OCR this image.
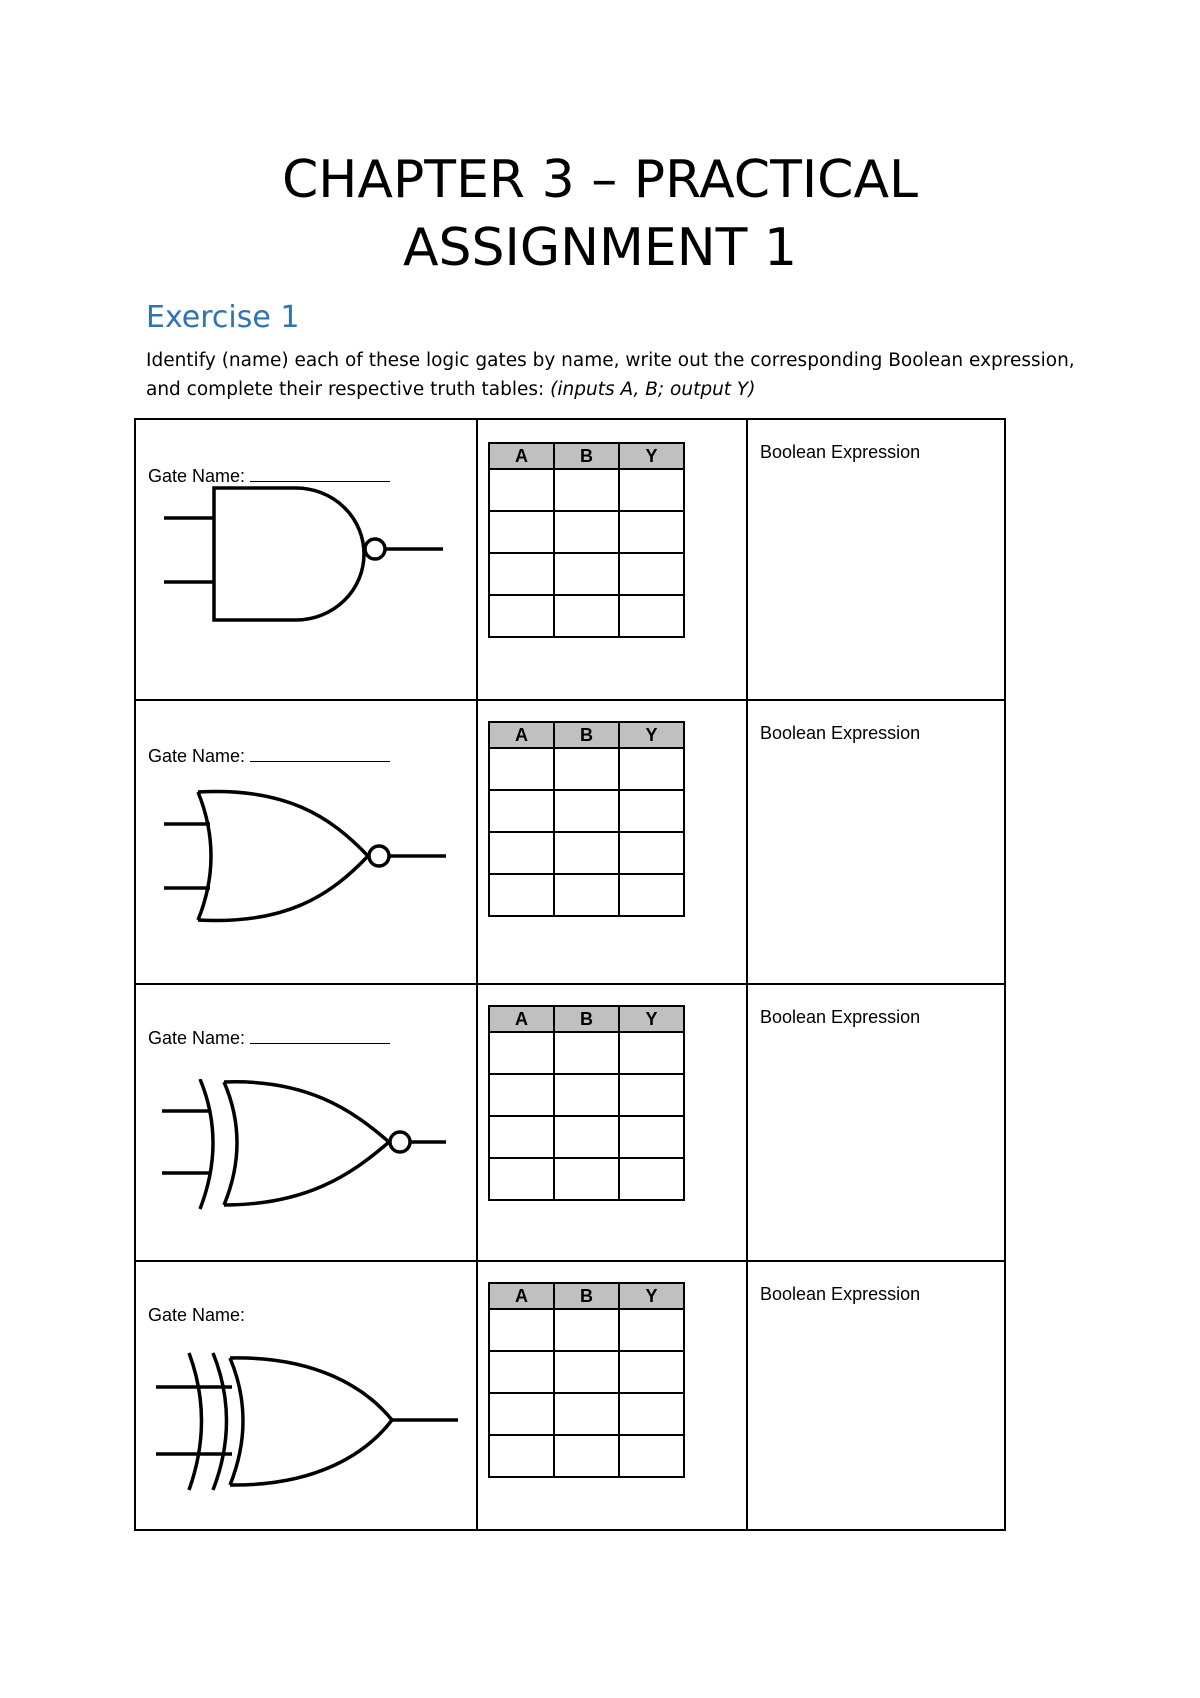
CHAPTER 3 – PRACTICAL
ASSIGNMENT 1
Exercise 1
Identify (name) each of these logic gates by name, write out the corresponding Boolean expression, and complete their respective truth tables: (inputs A, B; output Y)
Gate Name:

A	B	Y

		Boolean Expression

Gate Name:

A	B	Y

		Boolean Expression

Gate Name:

A	B	Y

		Boolean Expression

Gate Name:

A	B	Y

		Boolean Expression
